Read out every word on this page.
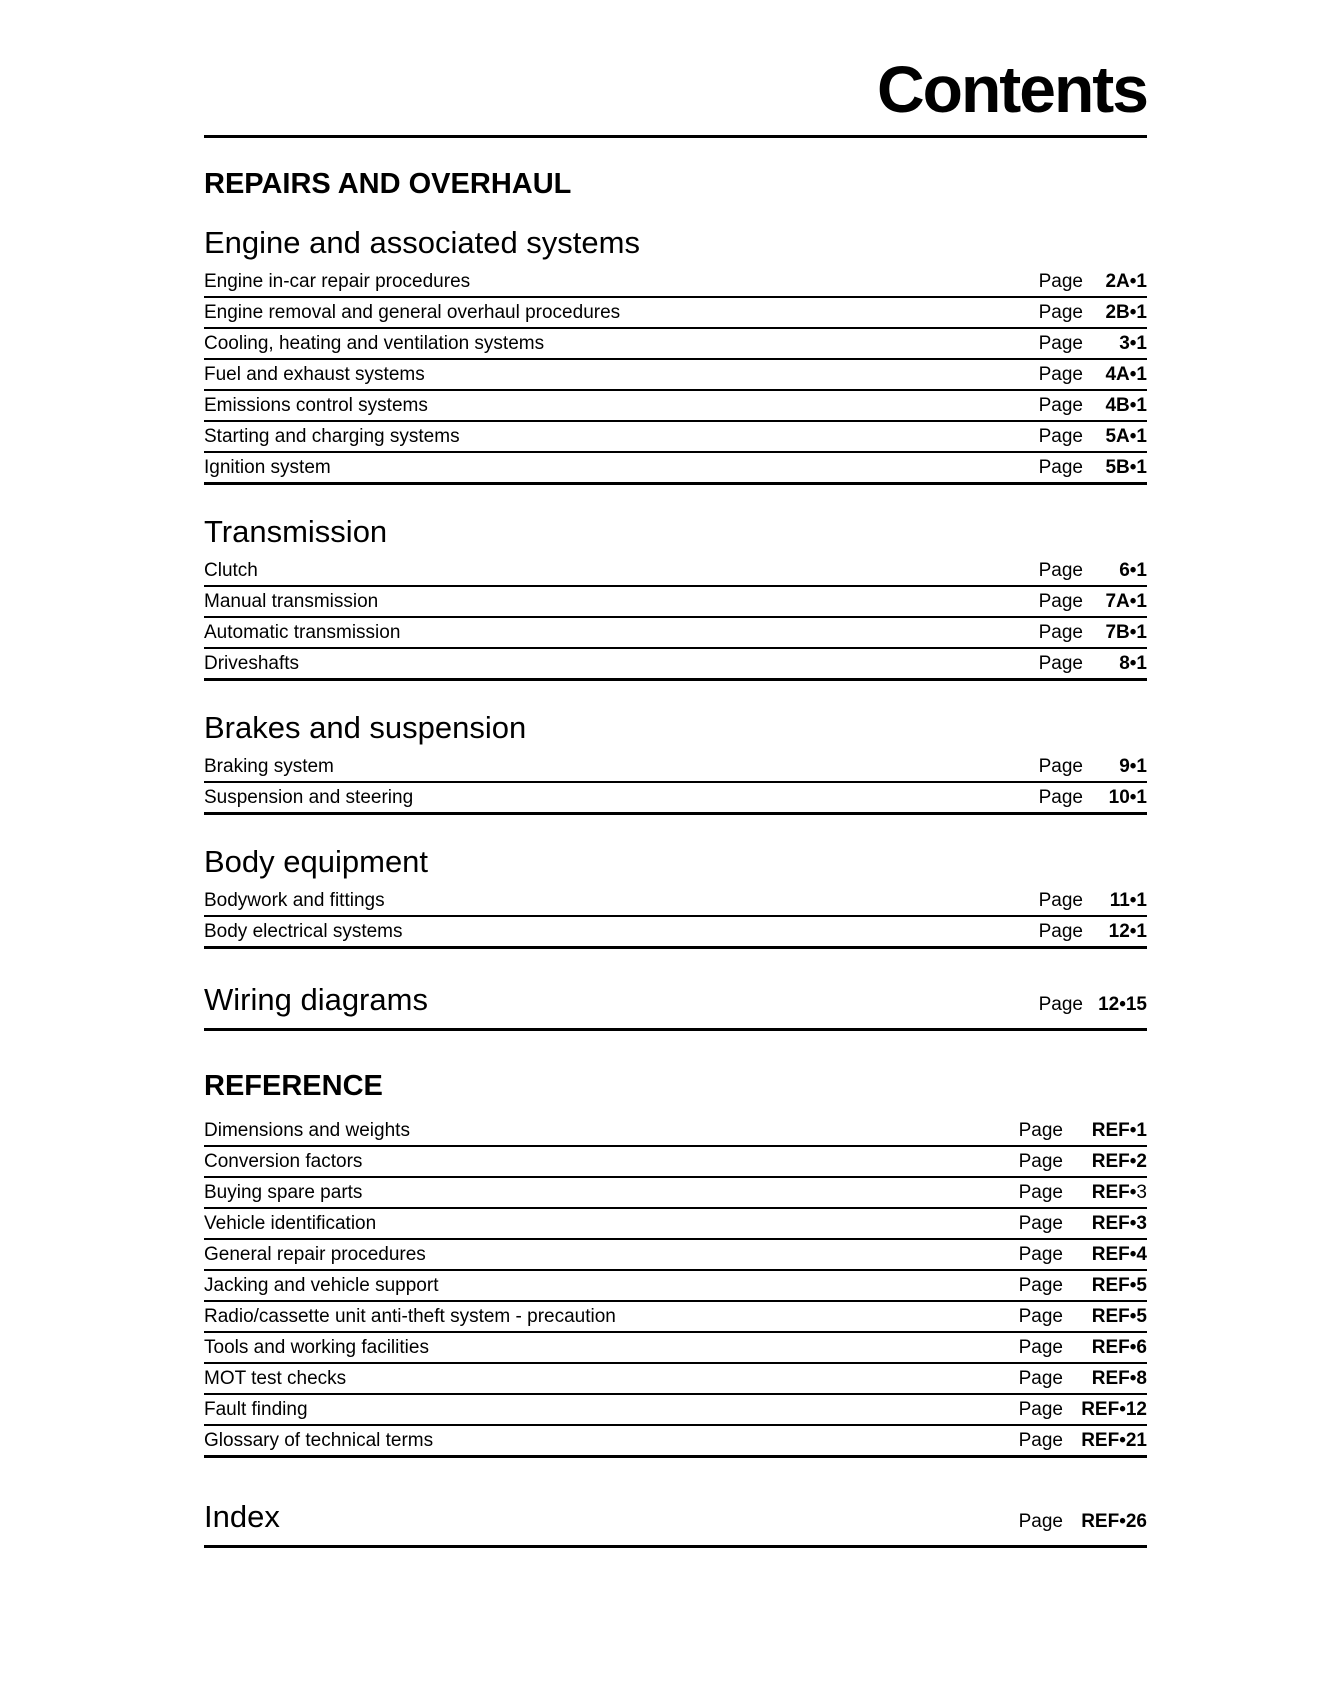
Contents
REPAIRS AND OVERHAUL
Engine and associated systems
Engine in-car repair procedures	Page 2A•1
Engine removal and general overhaul procedures	Page 2B•1
Cooling, heating and ventilation systems	Page 3•1
Fuel and exhaust systems	Page 4A•1
Emissions control systems	Page 4B•1
Starting and charging systems	Page 5A•1
Ignition system	Page 5B•1
Transmission
Clutch	Page 6•1
Manual transmission	Page 7A•1
Automatic transmission	Page 7B•1
Driveshafts	Page 8•1
Brakes and suspension
Braking system	Page 9•1
Suspension and steering	Page 10•1
Body equipment
Bodywork and fittings	Page 11•1
Body electrical systems	Page 12•1
Wiring diagrams	Page 12•15
REFERENCE
Dimensions and weights	Page REF•1
Conversion factors	Page REF•2
Buying spare parts	Page REF•3
Vehicle identification	Page REF•3
General repair procedures	Page REF•4
Jacking and vehicle support	Page REF•5
Radio/cassette unit anti-theft system - precaution	Page REF•5
Tools and working facilities	Page REF•6
MOT test checks	Page REF•8
Fault finding	Page REF•12
Glossary of technical terms	Page REF•21
Index	Page REF•26
